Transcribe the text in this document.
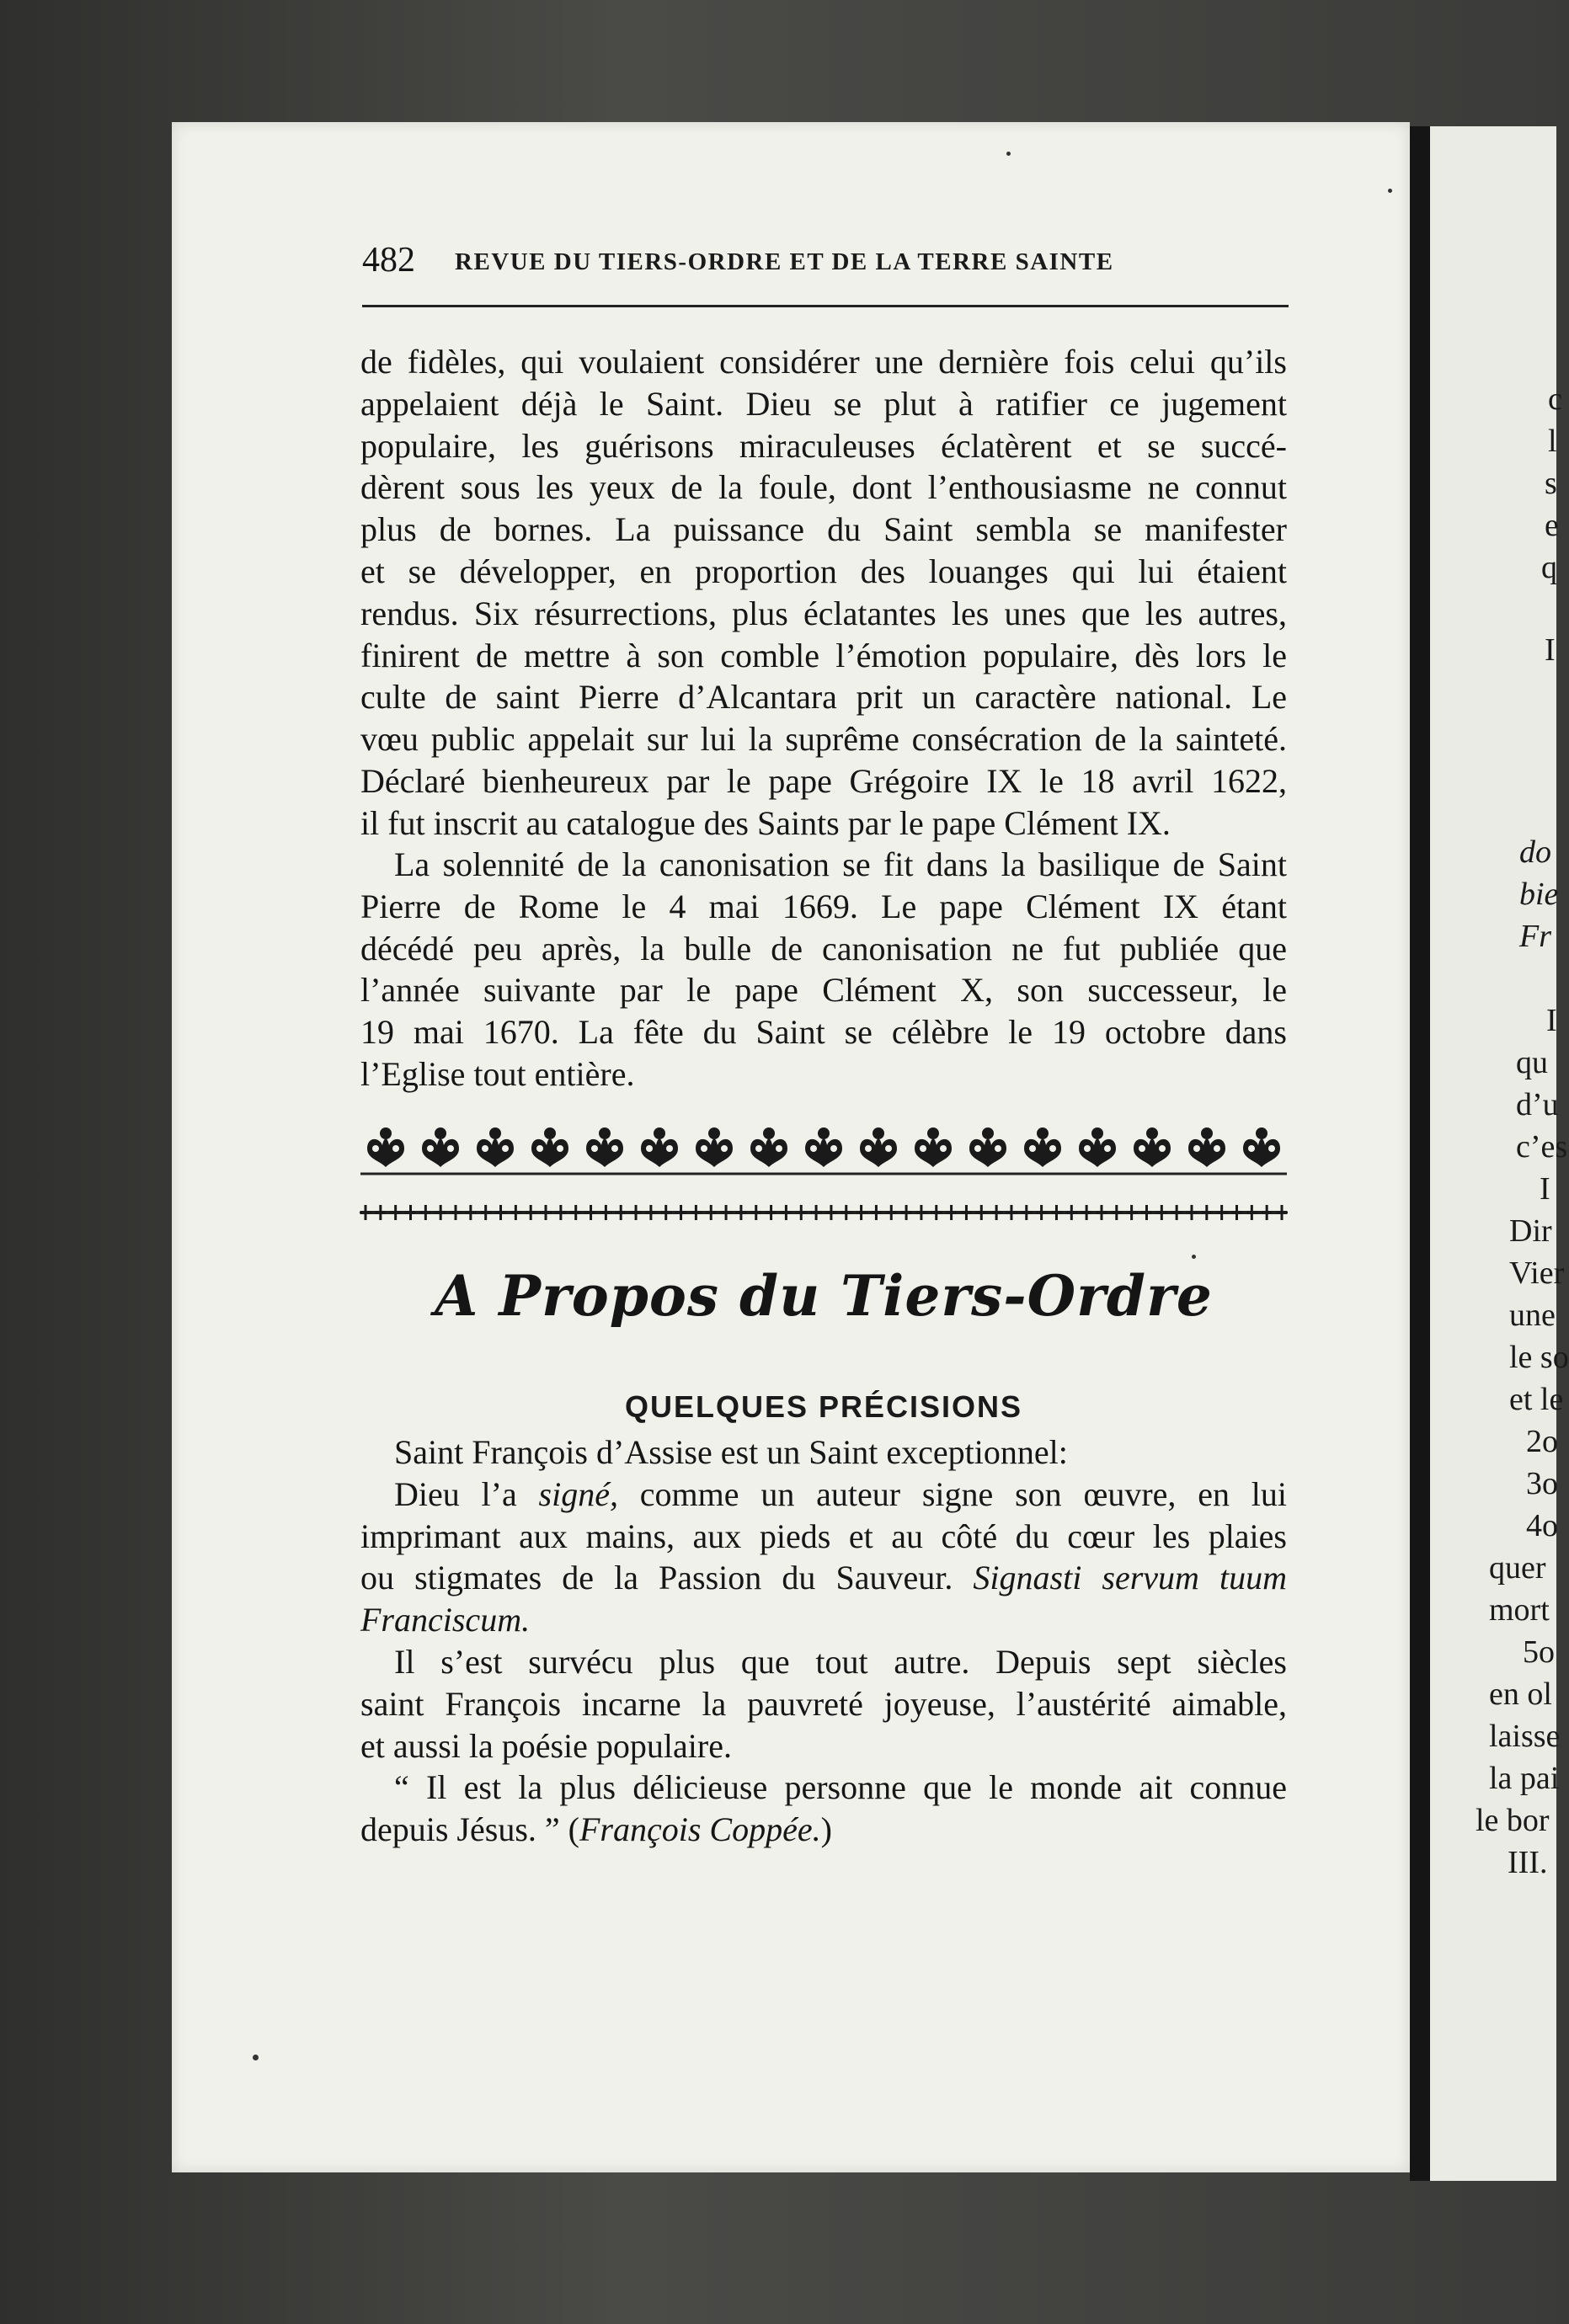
c
l
s
e
q
I
do
bie
Fr
I
qu
d’u
c’es
I
Dir
Vier
une
le so
et le
2o
3o
4o
quer
mort
5o
en ol
laisse
la pai
le bor
III.
482 REVUE DU TIERS-ORDRE ET DE LA TERRE SAINTE
de fidèles, qui voulaient considérer une dernière fois celui qu’ils
appelaient déjà le Saint. Dieu se plut à ratifier ce jugement
populaire, les guérisons miraculeuses éclatèrent et se succé-
dèrent sous les yeux de la foule, dont l’enthousiasme ne connut
plus de bornes. La puissance du Saint sembla se manifester
et se développer, en proportion des louanges qui lui étaient
rendus. Six résurrections, plus éclatantes les unes que les autres,
finirent de mettre à son comble l’émotion populaire, dès lors le
culte de saint Pierre d’Alcantara prit un caractère national. Le
vœu public appelait sur lui la suprême consécration de la sainteté.
Déclaré bienheureux par le pape Grégoire IX le 18 avril 1622,
il fut inscrit au catalogue des Saints par le pape Clément IX.
La solennité de la canonisation se fit dans la basilique de Saint
Pierre de Rome le 4 mai 1669. Le pape Clément IX étant
décédé peu après, la bulle de canonisation ne fut publiée que
l’année suivante par le pape Clément X, son successeur, le
19 mai 1670. La fête du Saint se célèbre le 19 octobre dans
l’Eglise tout entière.
A Propos du Tiers-Ordre
QUELQUES PRÉCISIONS
Saint François d’Assise est un Saint exceptionnel:
Dieu l’a signé, comme un auteur signe son œuvre, en lui
imprimant aux mains, aux pieds et au côté du cœur les plaies
ou stigmates de la Passion du Sauveur. Signasti servum tuum
Franciscum.
Il s’est survécu plus que tout autre. Depuis sept siècles
saint François incarne la pauvreté joyeuse, l’austérité aimable,
et aussi la poésie populaire.
“ Il est la plus délicieuse personne que le monde ait connue
depuis Jésus. ” (François Coppée.)
